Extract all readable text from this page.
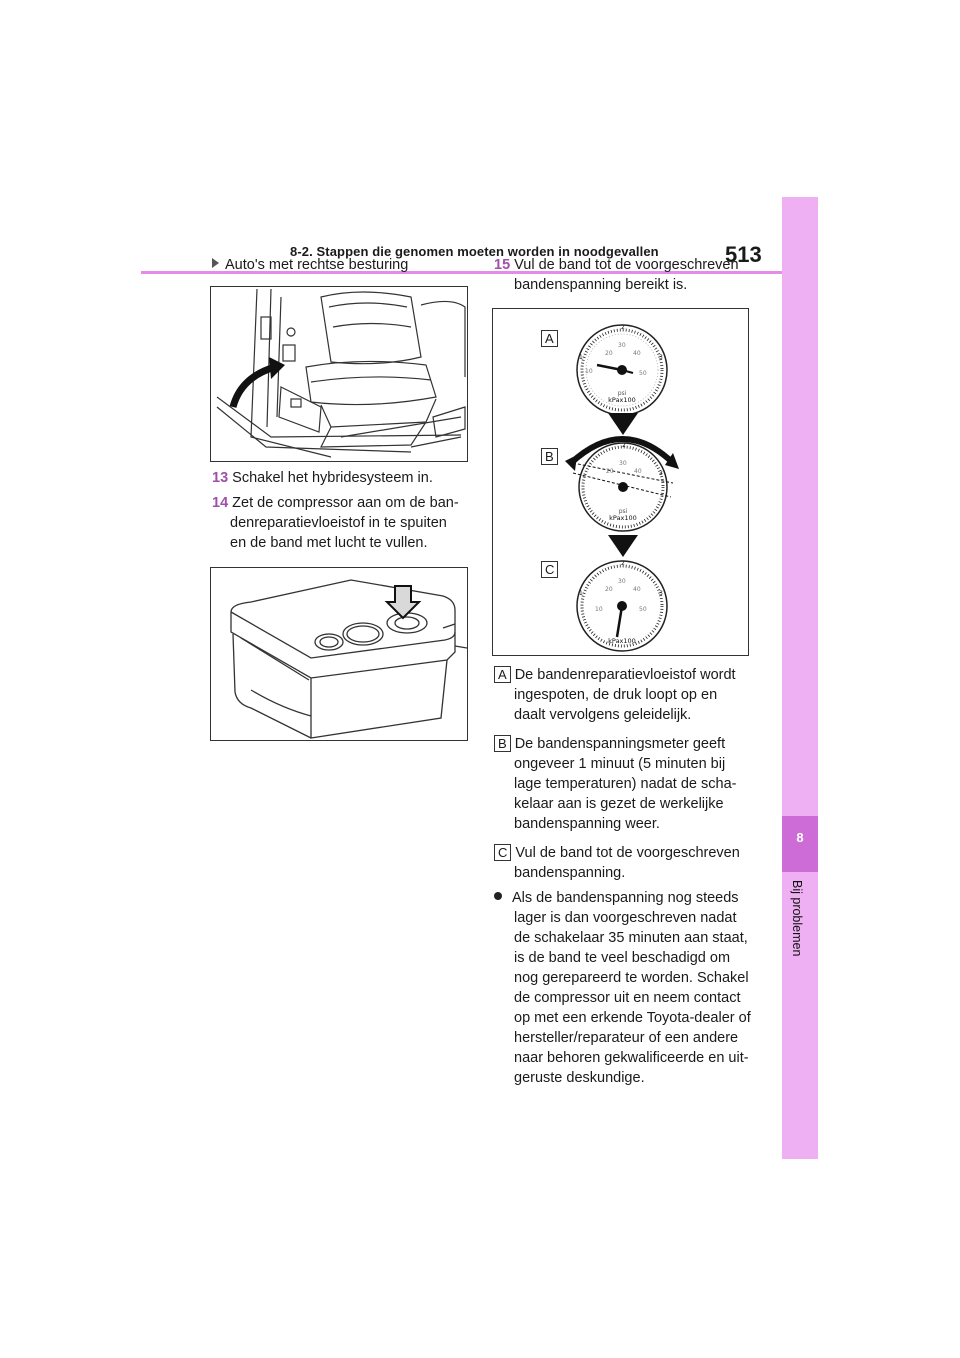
8-2. Stappen die genomen moeten worden in noodgevallen	513
8
Bij problemen
Auto's met rechtse besturing
13 Schakel het hybridesysteem in.
14 Zet de compressor aan om de ban-
denreparatievloeistof in te spuiten
en de band met lucht te vullen.
15 Vul de band tot de voorgeschreven
bandenspanning bereikt is.
A
B
C
psi
kPax100
20
30
40
50
10
2
3
1
psi
kPax100
20
30
40
2
3
kPax100
20
30
40
50
10
2
3
1
A De bandenreparatievloeistof wordt
ingespoten, de druk loopt op en
daalt vervolgens geleidelijk.
B De bandenspanningsmeter geeft
ongeveer 1 minuut (5 minuten bij
lage temperaturen) nadat de scha-
kelaar aan is gezet de werkelijke
bandenspanning weer.
C Vul de band tot de voorgeschreven
bandenspanning.
Als de bandenspanning nog steeds
lager is dan voorgeschreven nadat
de schakelaar 35 minuten aan staat,
is de band te veel beschadigd om
nog gerepareerd te worden. Schakel
de compressor uit en neem contact
op met een erkende Toyota-dealer of
hersteller/reparateur of een andere
naar behoren gekwalificeerde en uit-
geruste deskundige.
